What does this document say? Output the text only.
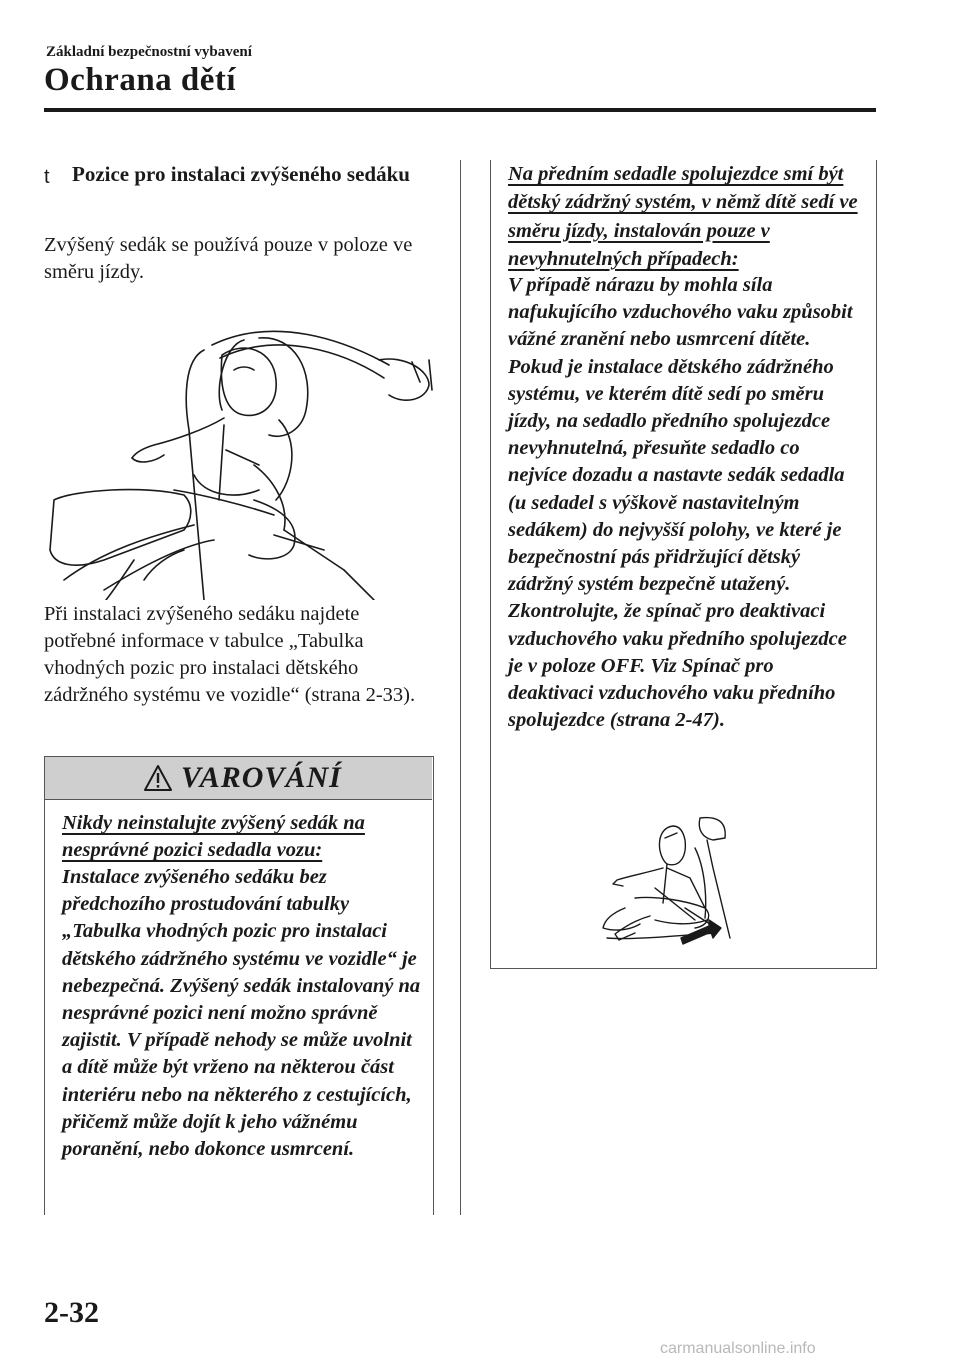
Základní bezpečnostní vybavení
Ochrana dětí
t Pozice pro instalaci zvýšeného sedáku
Zvýšený sedák se používá pouze v poloze ve směru jízdy.
Při instalaci zvýšeného sedáku najdete potřebné informace v tabulce „Tabulka vhodných pozic pro instalaci dětského zádržného systému ve vozidle“ (strana 2-33).
VAROVÁNÍ
Nikdy neinstalujte zvýšený sedák na nesprávné pozici sedadla vozu:
Instalace zvýšeného sedáku bez předchozího prostudování tabulky „Tabulka vhodných pozic pro instalaci dětského zádržného systému ve vozidle“ je nebezpečná. Zvýšený sedák instalovaný na nesprávné pozici není možno správně zajistit. V případě nehody se může uvolnit a dítě může být vrženo na některou část interiéru nebo na některého z cestujících, přičemž může dojít k jeho vážnému poranění, nebo dokonce usmrcení.
Na předním sedadle spolujezdce smí být dětský zádržný systém, v němž dítě sedí ve směru jízdy, instalován pouze v nevyhnutelných případech:
V případě nárazu by mohla síla nafukujícího vzduchového vaku způsobit vážné zranění nebo usmrcení dítěte. Pokud je instalace dětského zádržného systému, ve kterém dítě sedí po směru jízdy, na sedadlo předního spolujezdce nevyhnutelná, přesuňte sedadlo co nejvíce dozadu a nastavte sedák sedadla (u sedadel s výškově nastavitelným sedákem) do nejvyšší polohy, ve které je bezpečnostní pás přidržující dětský zádržný systém bezpečně utažený. Zkontrolujte, že spínač pro deaktivaci vzduchového vaku předního spolujezdce je v poloze OFF. Viz Spínač pro deaktivaci vzduchového vaku předního spolujezdce (strana 2-47).
2-32
carmanualsonline.info
